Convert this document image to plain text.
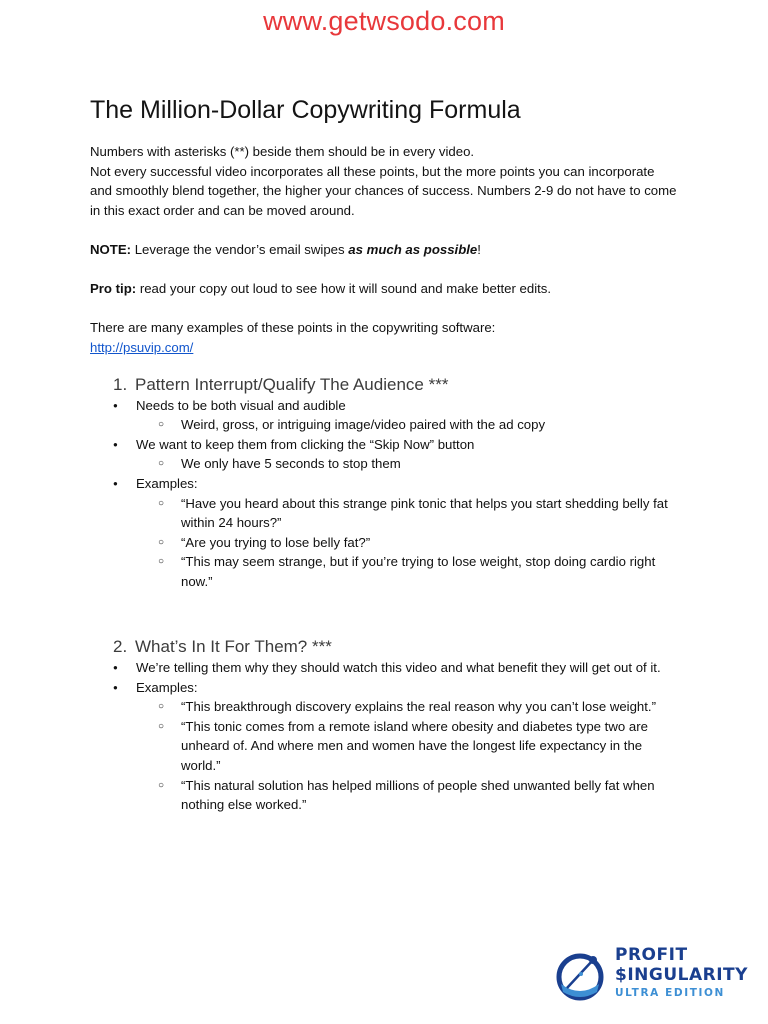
www.getwsodo.com
The Million-Dollar Copywriting Formula

Numbers with asterisks (**) beside them should be in every video.

Not every successful video incorporates all these points, but the more points you can incorporate and smoothly blend together, the higher your chances of success. Numbers 2-9 do not have to come in this exact order and can be moved around.

NOTE: Leverage the vendor’s email swipes as much as possible!

Pro tip: read your copy out loud to see how it will sound and make better edits.

There are many examples of these points in the copywriting software:

http://psuvip.com/

1. Pattern Interrupt/Qualify The Audience ***
● Needs to be both visual and audible
○ Weird, gross, or intriguing image/video paired with the ad copy
● We want to keep them from clicking the “Skip Now” button
○ We only have 5 seconds to stop them
● Examples:
○ “Have you heard about this strange pink tonic that helps you start shedding belly fat within 24 hours?”
○ “Are you trying to lose belly fat?”
○ “This may seem strange, but if you’re trying to lose weight, stop doing cardio right now.”
2. What’s In It For Them? ***
● We’re telling them why they should watch this video and what benefit they will get out of it.
● Examples:
○ “This breakthrough discovery explains the real reason why you can’t lose weight.”
○ “This tonic comes from a remote island where obesity and diabetes type two are unheard of. And where men and women have the longest life expectancy in the world.”
○ “This natural solution has helped millions of people shed unwanted belly fat when nothing else worked.”
PROFIT
$INGULARITY
ULTRA EDITION
